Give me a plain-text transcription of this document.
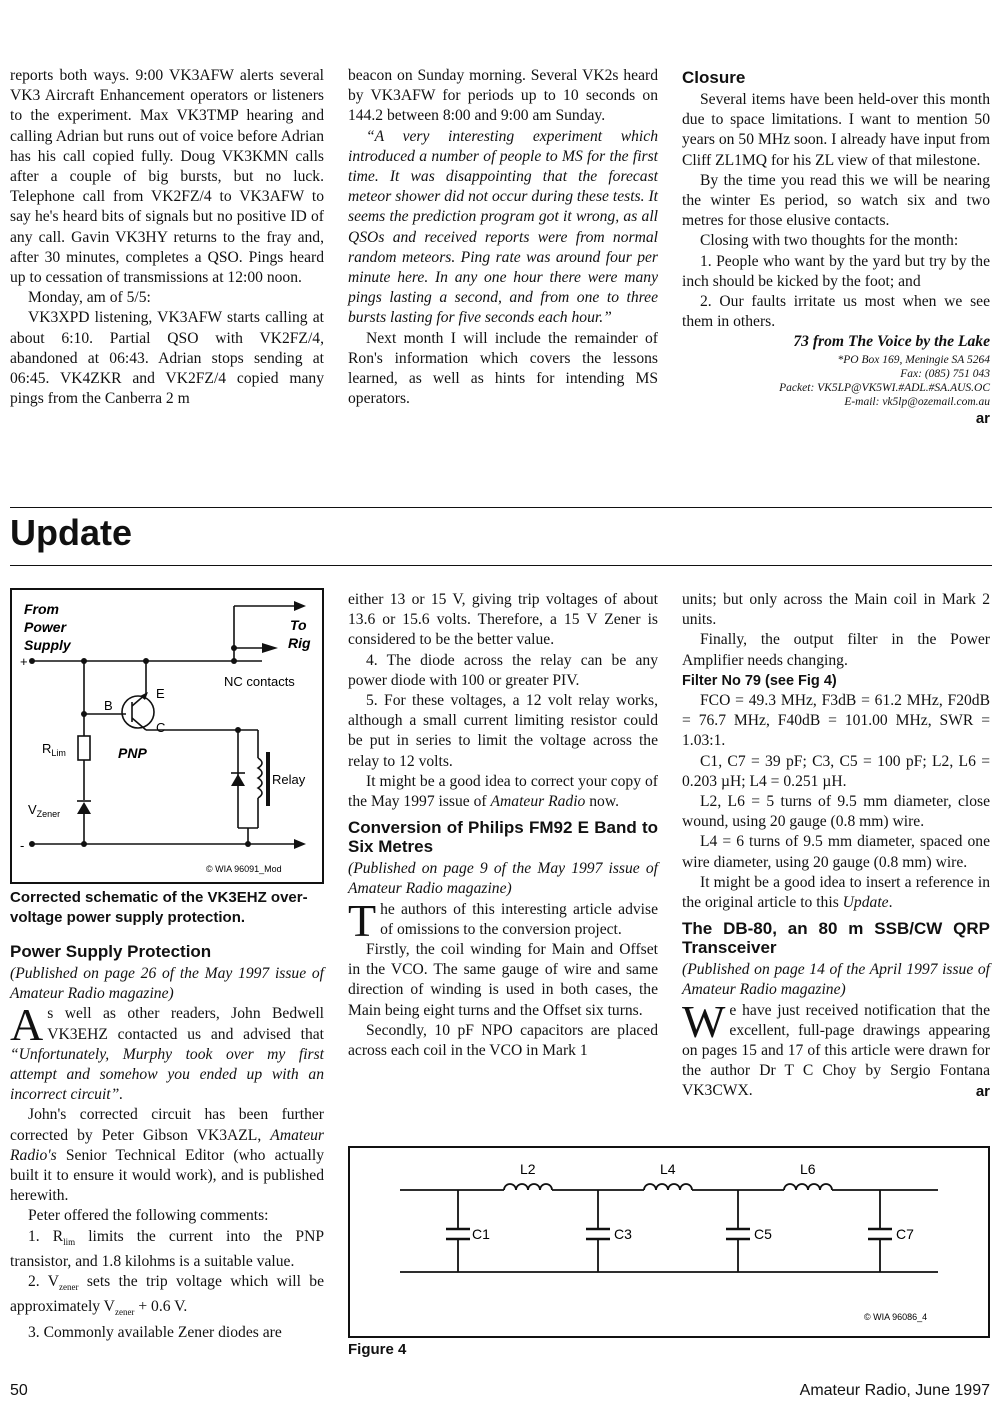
reports both ways. 9:00 VK3AFW alerts several VK3 Aircraft Enhancement operators or listeners to the experiment. Max VK3TMP hearing and calling Adrian but runs out of voice before Adrian has his call copied fully. Doug VK3KMN calls after a couple of big bursts, but no luck. Telephone call from VK2FZ/4 to VK3AFW to say he's heard bits of signals but no positive ID of any call. Gavin VK3HY returns to the fray and, after 30 minutes, completes a QSO. Pings heard up to cessation of transmissions at 12:00 noon.

Monday, am of 5/5:

VK3XPD listening, VK3AFW starts calling at about 6:10. Partial QSO with VK2FZ/4, abandoned at 06:43. Adrian stops sending at 06:45. VK4ZKR and VK2FZ/4 copied many pings from the Canberra 2 m

beacon on Sunday morning. Several VK2s heard by VK3AFW for periods up to 10 seconds on 144.2 between 8:00 and 9:00 am Sunday.

“A very interesting experiment which introduced a number of people to MS for the first time. It was disappointing that the forecast meteor shower did not occur during these tests. It seems the prediction program got it wrong, as all QSOs and received reports were from normal random meteors. Ping rate was around four per minute here. In any one hour there were many pings lasting a second, and from one to three bursts lasting for five seconds each hour.”

Next month I will include the remainder of Ron's information which covers the lessons learned, as well as hints for intending MS operators.

Closure

Several items have been held-over this month due to space limitations. I want to mention 50 years on 50 MHz soon. I already have input from Cliff ZL1MQ for his ZL view of that milestone.

By the time you read this we will be nearing the winter Es period, so watch six and two metres for those elusive contacts.

Closing with two thoughts for the month:

1. People who want by the yard but try by the inch should be kicked by the foot; and

2. Our faults irritate us most when we see them in others.

73 from The Voice by the Lake
*PO Box 169, Meningie SA 5264
Fax: (085) 751 043
Packet: VK5LP@VK5WI.#ADL.#SA.AUS.OC
E-mail: vk5lp@ozemail.com.au
ar
Update
From
Power
Supply
To
Rig
PNP
+
-
NC contacts
B
E
C
Relay
$R_{Lim}$
$V_{Zener}$
© WIA 96091_Mod
Corrected schematic of the VK3EHZ over-voltage power supply protection.
Power Supply Protection

(Published on page 26 of the May 1997 issue of Amateur Radio magazine)

As well as other readers, John Bedwell VK3EHZ contacted us and advised that “Unfortunately, Murphy took over my first attempt and somehow you ended up with an incorrect circuit”.

John's corrected circuit has been further corrected by Peter Gibson VK3AZL, Amateur Radio's Senior Technical Editor (who actually built it to ensure it would work), and is published herewith.

Peter offered the following comments:

1. $R_{lim}$ limits the current into the PNP transistor, and 1.8 kilohms is a suitable value.

2. $V_{zener}$ sets the trip voltage which will be approximately $V_{zener} + 0.6$ V.

3. Commonly available Zener diodes are

either 13 or 15 V, giving trip voltages of about 13.6 or 15.6 volts. Therefore, a 15 V Zener is considered to be the better value.

4. The diode across the relay can be any power diode with 100 or greater PIV.

5. For these voltages, a 12 volt relay works, although a small current limiting resistor could be put in series to limit the voltage across the relay to 12 volts.

It might be a good idea to correct your copy of the May 1997 issue of Amateur Radio now.

Conversion of Philips FM92 E Band to Six Metres

(Published on page 9 of the May 1997 issue of Amateur Radio magazine)

The authors of this interesting article advise of omissions to the conversion project.

Firstly, the coil winding for Main and Offset in the VCO. The same gauge of wire and same direction of winding is used in both cases, the Main being eight turns and the Offset six turns.

Secondly, 10 pF NPO capacitors are placed across each coil in the VCO in Mark 1

units; but only across the Main coil in Mark 2 units.

Finally, the output filter in the Power Amplifier needs changing.

Filter No 79 (see Fig 4)

FCO = 49.3 MHz, F3dB = 61.2 MHz, F20dB = 76.7 MHz, F40dB = 101.00 MHz, SWR = 1.03:1.

C1, C7 = 39 pF; C3, C5 = 100 pF; L2, L6 = 0.203 µH; L4 = 0.251 µH.

L2, L6 = 5 turns of 9.5 mm diameter, close wound, using 20 gauge (0.8 mm) wire.

L4 = 6 turns of 9.5 mm diameter, spaced one wire diameter, using 20 gauge (0.8 mm) wire.

It might be a good idea to insert a reference in the original article to this Update.

The DB-80, an 80 m SSB/CW QRP Transceiver

(Published on page 14 of the April 1997 issue of Amateur Radio magazine)

We have just received notification that the excellent, full-page drawings appearing on pages 15 and 17 of this article were drawn for the author Dr T C Choy by Sergio Fontana VK3CWX.	ar
L2	L4	L6
C1	C3	C5	C7
© WIA 96086_4
Figure 4
50	Amateur Radio, June 1997
